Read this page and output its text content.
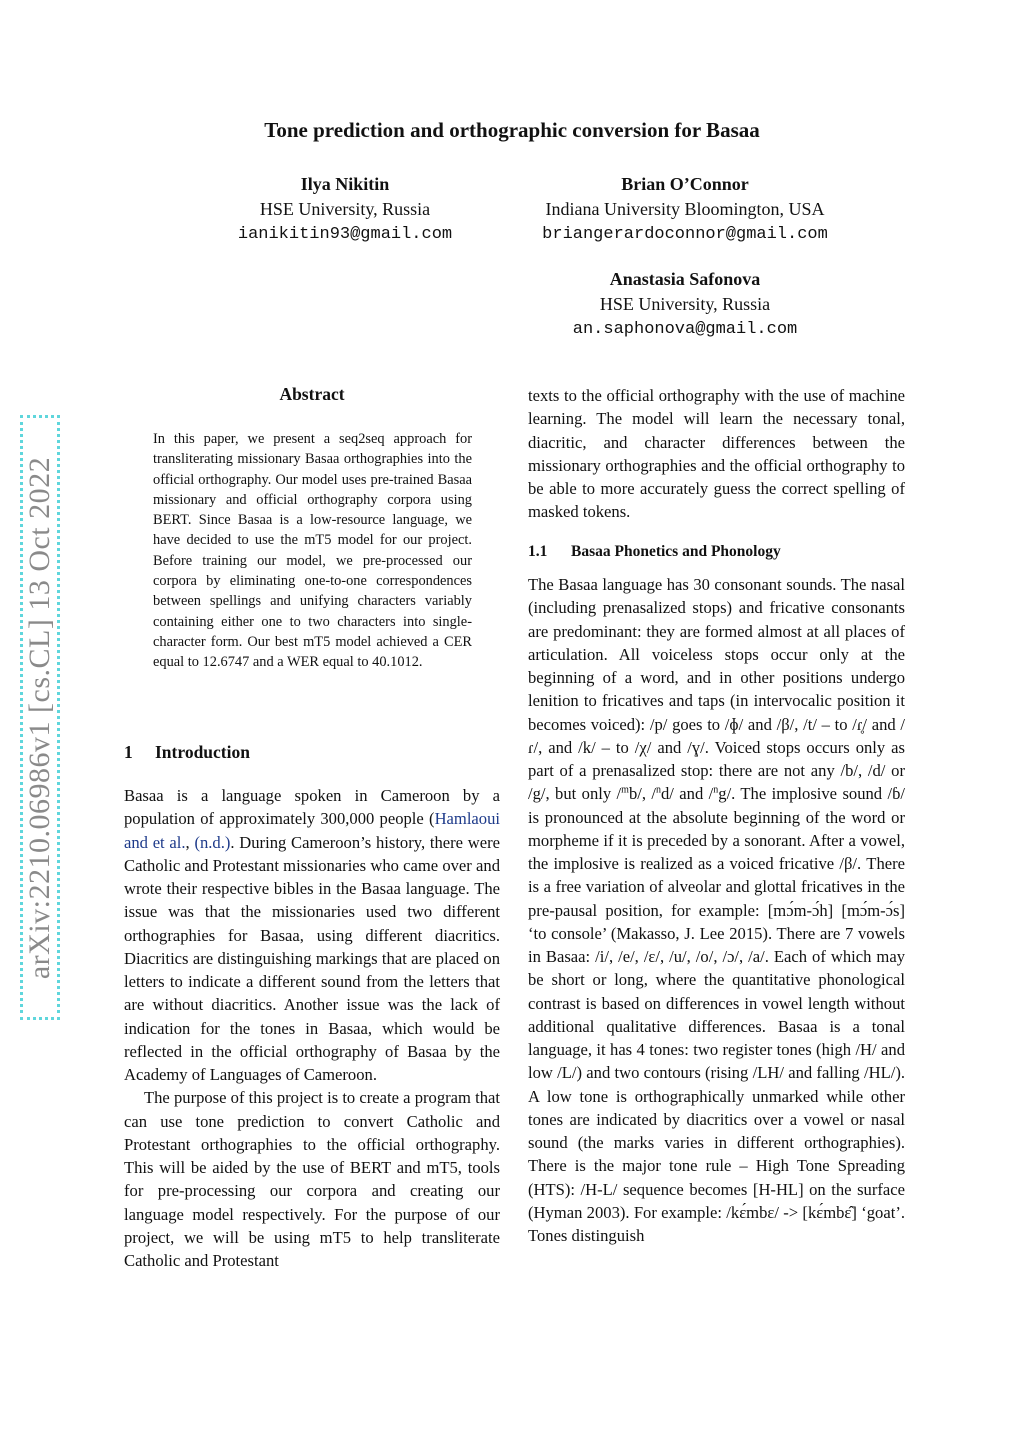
arXiv:2210.06986v1 [cs.CL] 13 Oct 2022
Tone prediction and orthographic conversion for Basaa
Ilya Nikitin
HSE University, Russia
ianikitin93@gmail.com
Brian O’Connor
Indiana University Bloomington, USA
briangerardoconnor@gmail.com
Anastasia Safonova
HSE University, Russia
an.saphonova@gmail.com
Abstract
In this paper, we present a seq2seq approach for transliterating missionary Basaa orthographies into the official orthography. Our model uses pre-trained Basaa missionary and official orthography corpora using BERT. Since Basaa is a low-resource language, we have decided to use the mT5 model for our project. Before training our model, we pre-processed our corpora by eliminating one-to-one correspondences between spellings and unifying characters variably containing either one to two characters into single-character form. Our best mT5 model achieved a CER equal to 12.6747 and a WER equal to 40.1012.
1 Introduction

Basaa is a language spoken in Cameroon by a population of approximately 300,000 people (Hamlaoui and et al., (n.d.). During Cameroon’s history, there were Catholic and Protestant missionaries who came over and wrote their respective bibles in the Basaa language. The issue was that the missionaries used two different orthographies for Basaa, using different diacritics. Diacritics are distinguishing markings that are placed on letters to indicate a different sound from the letters that are without diacritics. Another issue was the lack of indication for the tones in Basaa, which would be reflected in the official orthography of Basaa by the Academy of Languages of Cameroon.

The purpose of this project is to create a program that can use tone prediction to convert Catholic and Protestant orthographies to the official orthography. This will be aided by the use of BERT and mT5, tools for pre-processing our corpora and creating our language model respectively. For the purpose of our project, we will be using mT5 to help transliterate Catholic and Protestant

texts to the official orthography with the use of machine learning. The model will learn the necessary tonal, diacritic, and character differences between the missionary orthographies and the official orthography to be able to more accurately guess the correct spelling of masked tokens.

1.1 Basaa Phonetics and Phonology

The Basaa language has 30 consonant sounds. The nasal (including prenasalized stops) and fricative consonants are predominant: they are formed almost at all places of articulation. All voiceless stops occur only at the beginning of a word, and in other positions undergo lenition to fricatives and taps (in intervocalic position it becomes voiced): /p/ goes to /ɸ/ and /β/, /t/ – to /ɾ̥/ and /ɾ/, and /k/ – to /χ/ and /ɣ/. Voiced stops occurs only as part of a prenasalized stop: there are not any /b/, /d/ or /g/, but only /$^m$b/, /$^n$d/ and /$^n$g/. The implosive sound /ɓ/ is pronounced at the absolute beginning of the word or morpheme if it is preceded by a sonorant. After a vowel, the implosive is realized as a voiced fricative /β/. There is a free variation of alveolar and glottal fricatives in the pre-pausal position, for example: [mɔ́m-ɔ́h] [mɔ́m-ɔ́s] ‘to console’ (Makasso, J. Lee 2015). There are 7 vowels in Basaa: /i/, /e/, /ɛ/, /u/, /o/, /ɔ/, /a/. Each of which may be short or long, where the quantitative phonological contrast is based on differences in vowel length without additional qualitative differences. Basaa is a tonal language, it has 4 tones: two register tones (high /H/ and low /L/) and two contours (rising /LH/ and falling /HL/). A low tone is orthographically unmarked while other tones are indicated by diacritics over a vowel or nasal sound (the marks varies in different orthographies). There is the major tone rule – High Tone Spreading (HTS): /H-L/ sequence becomes [H-HL] on the surface (Hyman 2003). For example: /kɛ́mbɛ/ -> [kɛ́mbɛ̂] ‘goat’. Tones distinguish
